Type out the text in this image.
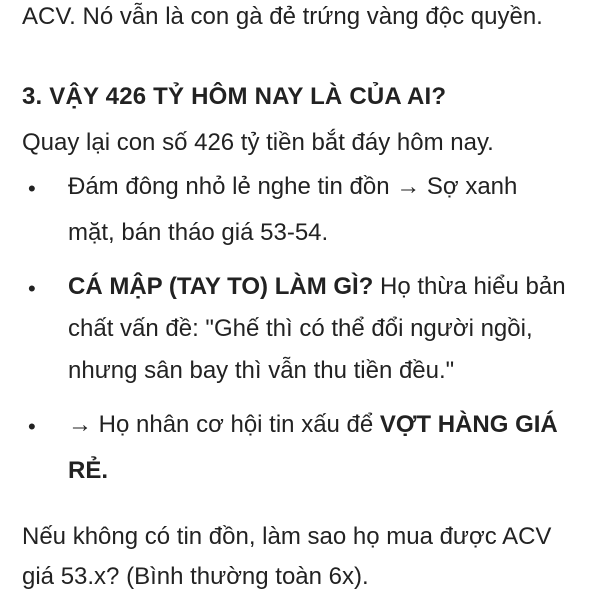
ACV. Nó vẫn là con gà đẻ trứng vàng độc quyền.
3. VẬY 426 TỶ HÔM NAY LÀ CỦA AI?
Quay lại con số 426 tỷ tiền bắt đáy hôm nay.
• Đám đông nhỏ lẻ nghe tin đồn → Sợ xanh
mặt, bán tháo giá 53-54.
• CÁ MẬP (TAY TO) LÀM GÌ? Họ thừa hiểu bản
chất vấn đề: "Ghế thì có thể đổi người ngồi,
nhưng sân bay thì vẫn thu tiền đều."
• → Họ nhân cơ hội tin xấu để VỢT HÀNG GIÁ
RẺ.
Nếu không có tin đồn, làm sao họ mua được ACV
giá 53.x? (Bình thường toàn 6x).
